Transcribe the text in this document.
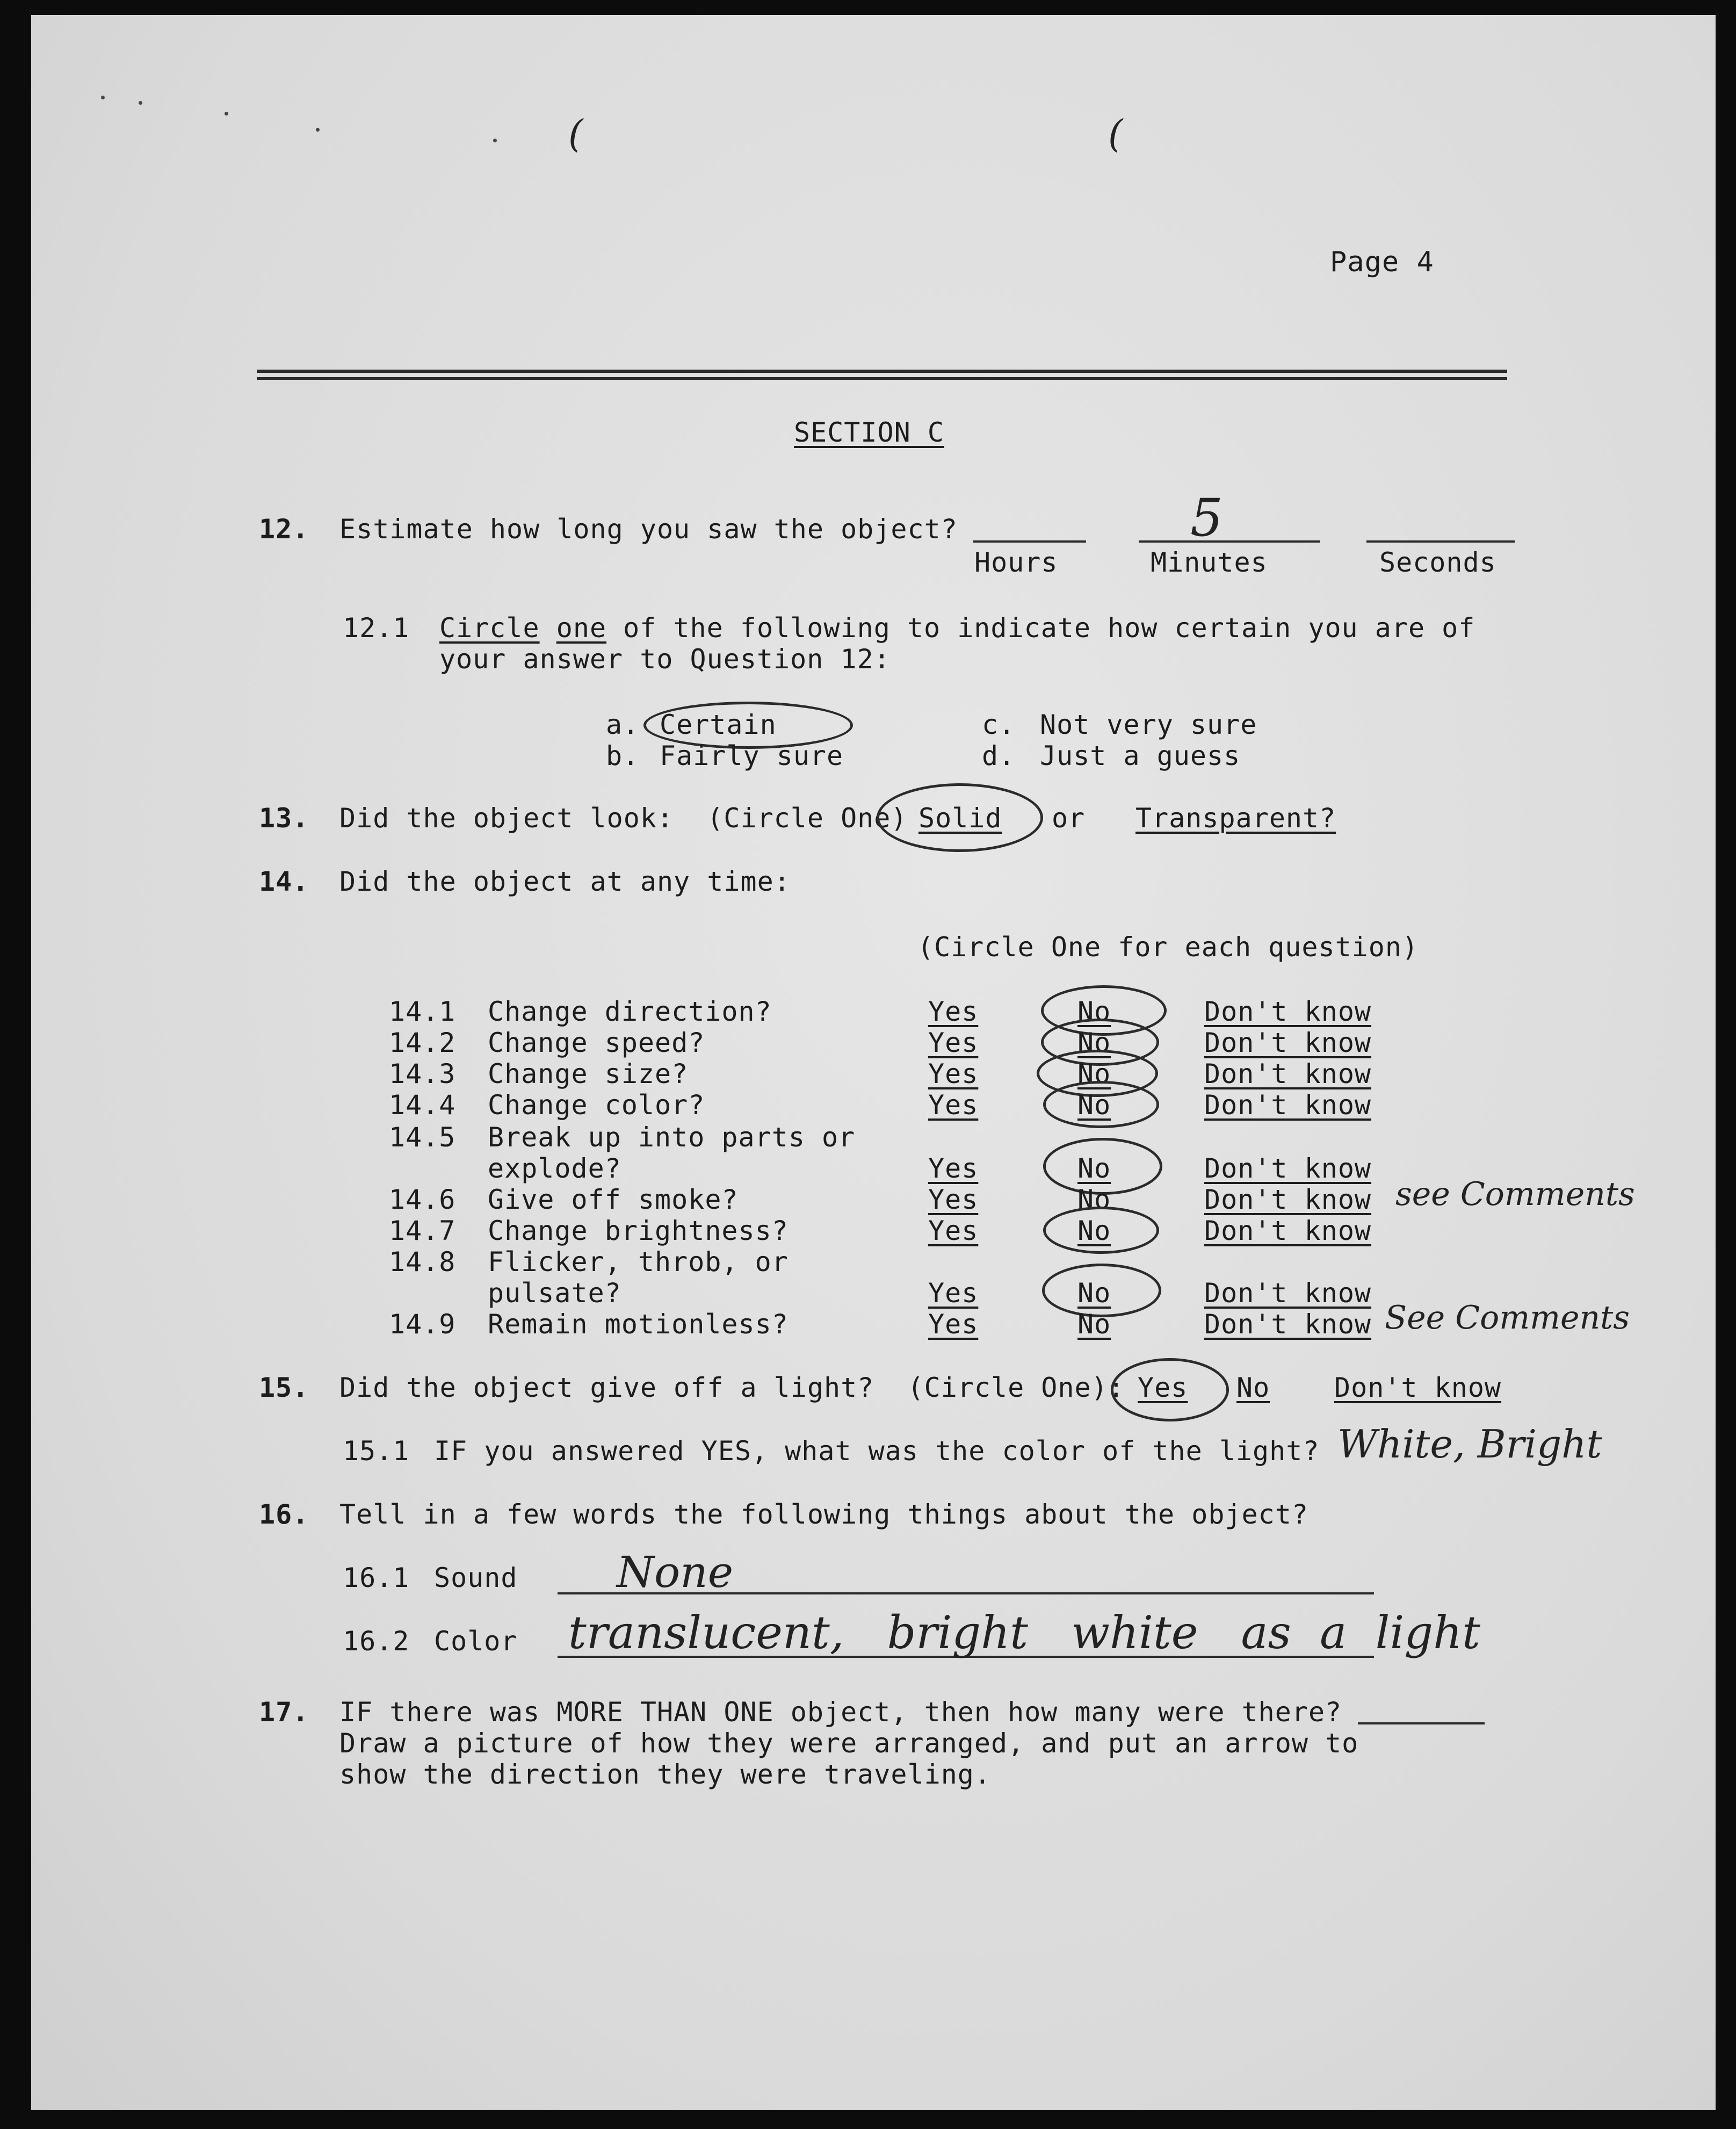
(	(
Page 4
SECTION C
12. Estimate how long you saw the object?	5
Hours	Minutes	Seconds
12.1 Circle one of the following to indicate how certain you are of
your answer to Question 12:
a. Certain
b. Fairly sure
c. Not very sure
d. Just a guess
13. Did the object look:  (Circle One) Solid or Transparent?
14. Did the object at any time:
(Circle One for each question)
14.1 Change direction?	Yes	No	Don't know
14.2 Change speed?	Yes	No	Don't know
14.3 Change size?	Yes	No	Don't know
14.4 Change color?	Yes	No	Don't know
14.5 Break up into parts or
explode?	Yes	No	Don't know
14.6 Give off smoke?	Yes	No	Don't know see Comments
14.7 Change brightness?	Yes	No	Don't know
14.8 Flicker, throb, or
pulsate?	Yes	No	Don't know
14.9 Remain motionless?	Yes	No	Don't know See Comments
15. Did the object give off a light?  (Circle One): Yes No Don't know
15.1 IF you answered YES, what was the color of the light? White, Bright
16. Tell in a few words the following things about the object?
16.1 Sound None
16.2 Color translucent,   bright   white   as  a  light
17. IF there was MORE THAN ONE object, then how many were there?
Draw a picture of how they were arranged, and put an arrow to
show the direction they were traveling.
